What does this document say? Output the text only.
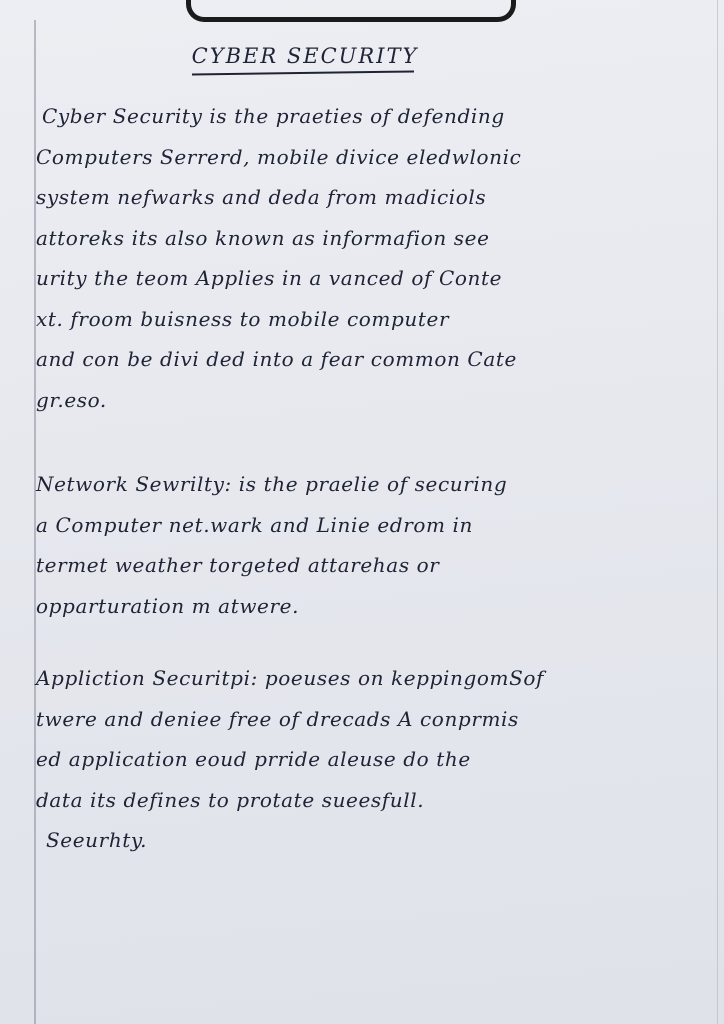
CYBER SECURITY
Cyber Security is the praeties of defending
Computers Serrerd, mobile divice eledwlonic
system nefwarks and deda from madiciols
attoreks its also known as informafion see
urity the teom Applies in a vanced of Conte
xt. froom buisness to mobile computer
and con be divi ded into a fear common Cate
gr.eso.
Network Sewrilty: is the praelie of securing
a Computer net.wark and Linie edrom in
termet weather torgeted attarehas or
opparturation m atwere.
Appliction Securitpi: poeuses on keppingomSof
twere and deniee free of drecads A conprmis
ed application eoud prride aleuse do the
data its defines to protate sueesfull.
Seeurhty.
